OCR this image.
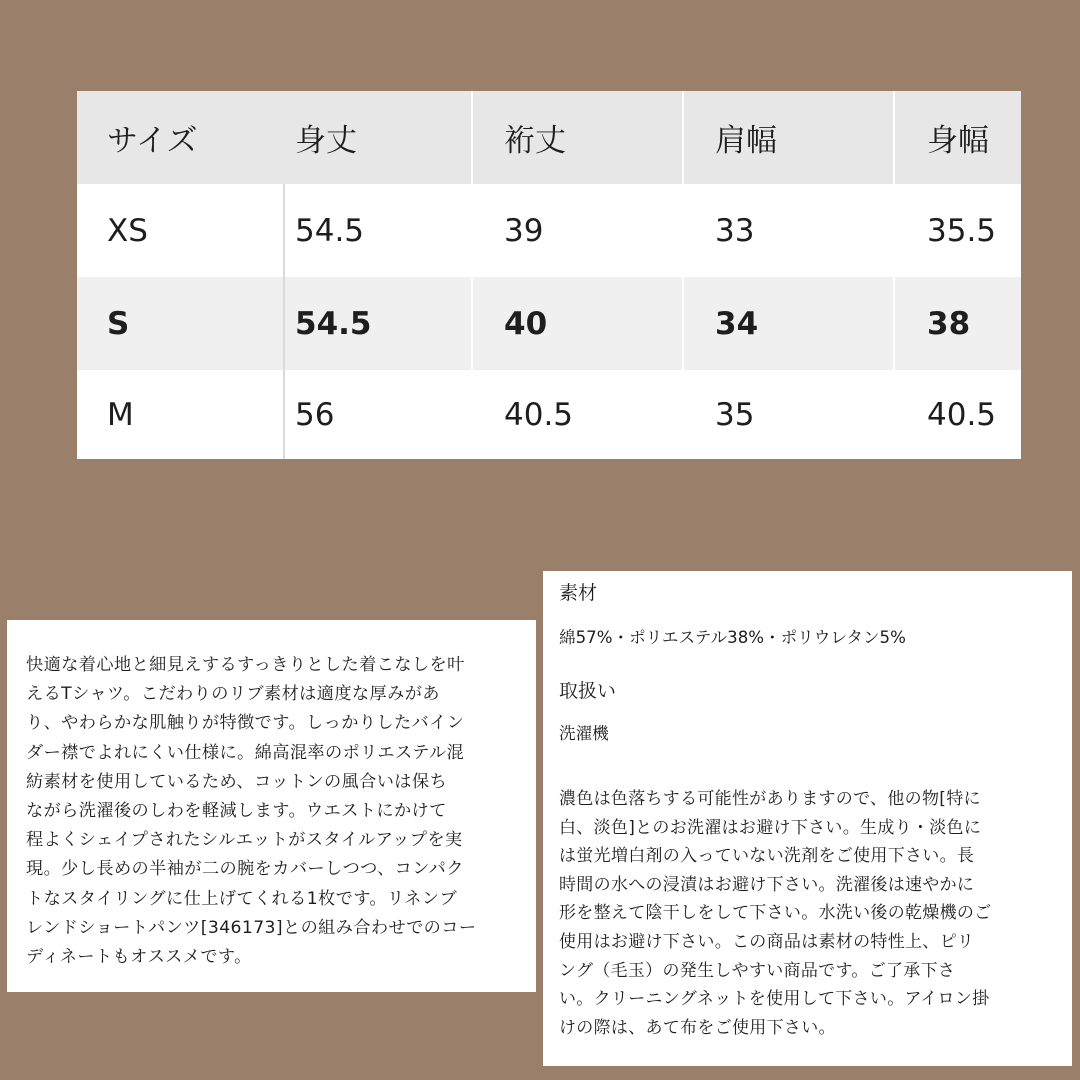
サイズ	身丈	裄丈	肩幅	身幅
XS	54.5	39	33	35.5
S	54.5	40	34	38
M	56	40.5	35	40.5

快適な着心地と細見えするすっきりとした着こなしを叶
えるTシャツ。こだわりのリブ素材は適度な厚みがあ
り、やわらかな肌触りが特徴です。しっかりしたバイン
ダー襟でよれにくい仕様に。綿高混率のポリエステル混
紡素材を使用しているため、コットンの風合いは保ち
ながら洗濯後のしわを軽減します。ウエストにかけて
程よくシェイプされたシルエットがスタイルアップを実
現。少し長めの半袖が二の腕をカバーしつつ、コンパク
トなスタイリングに仕上げてくれる1枚です。リネンブ
レンドショートパンツ[346173]との組み合わせでのコー
ディネートもオススメです。

素材

綿57%・ポリエステル38%・ポリウレタン5%

取扱い

洗濯機

濃色は色落ちする可能性がありますので、他の物[特に
白、淡色]とのお洗濯はお避け下さい。生成り・淡色に
は蛍光増白剤の入っていない洗剤をご使用下さい。長
時間の水への浸漬はお避け下さい。洗濯後は速やかに
形を整えて陰干しをして下さい。水洗い後の乾燥機のご
使用はお避け下さい。この商品は素材の特性上、ピリ
ング（毛玉）の発生しやすい商品です。ご了承下さ
い。クリーニングネットを使用して下さい。アイロン掛
けの際は、あて布をご使用下さい。
